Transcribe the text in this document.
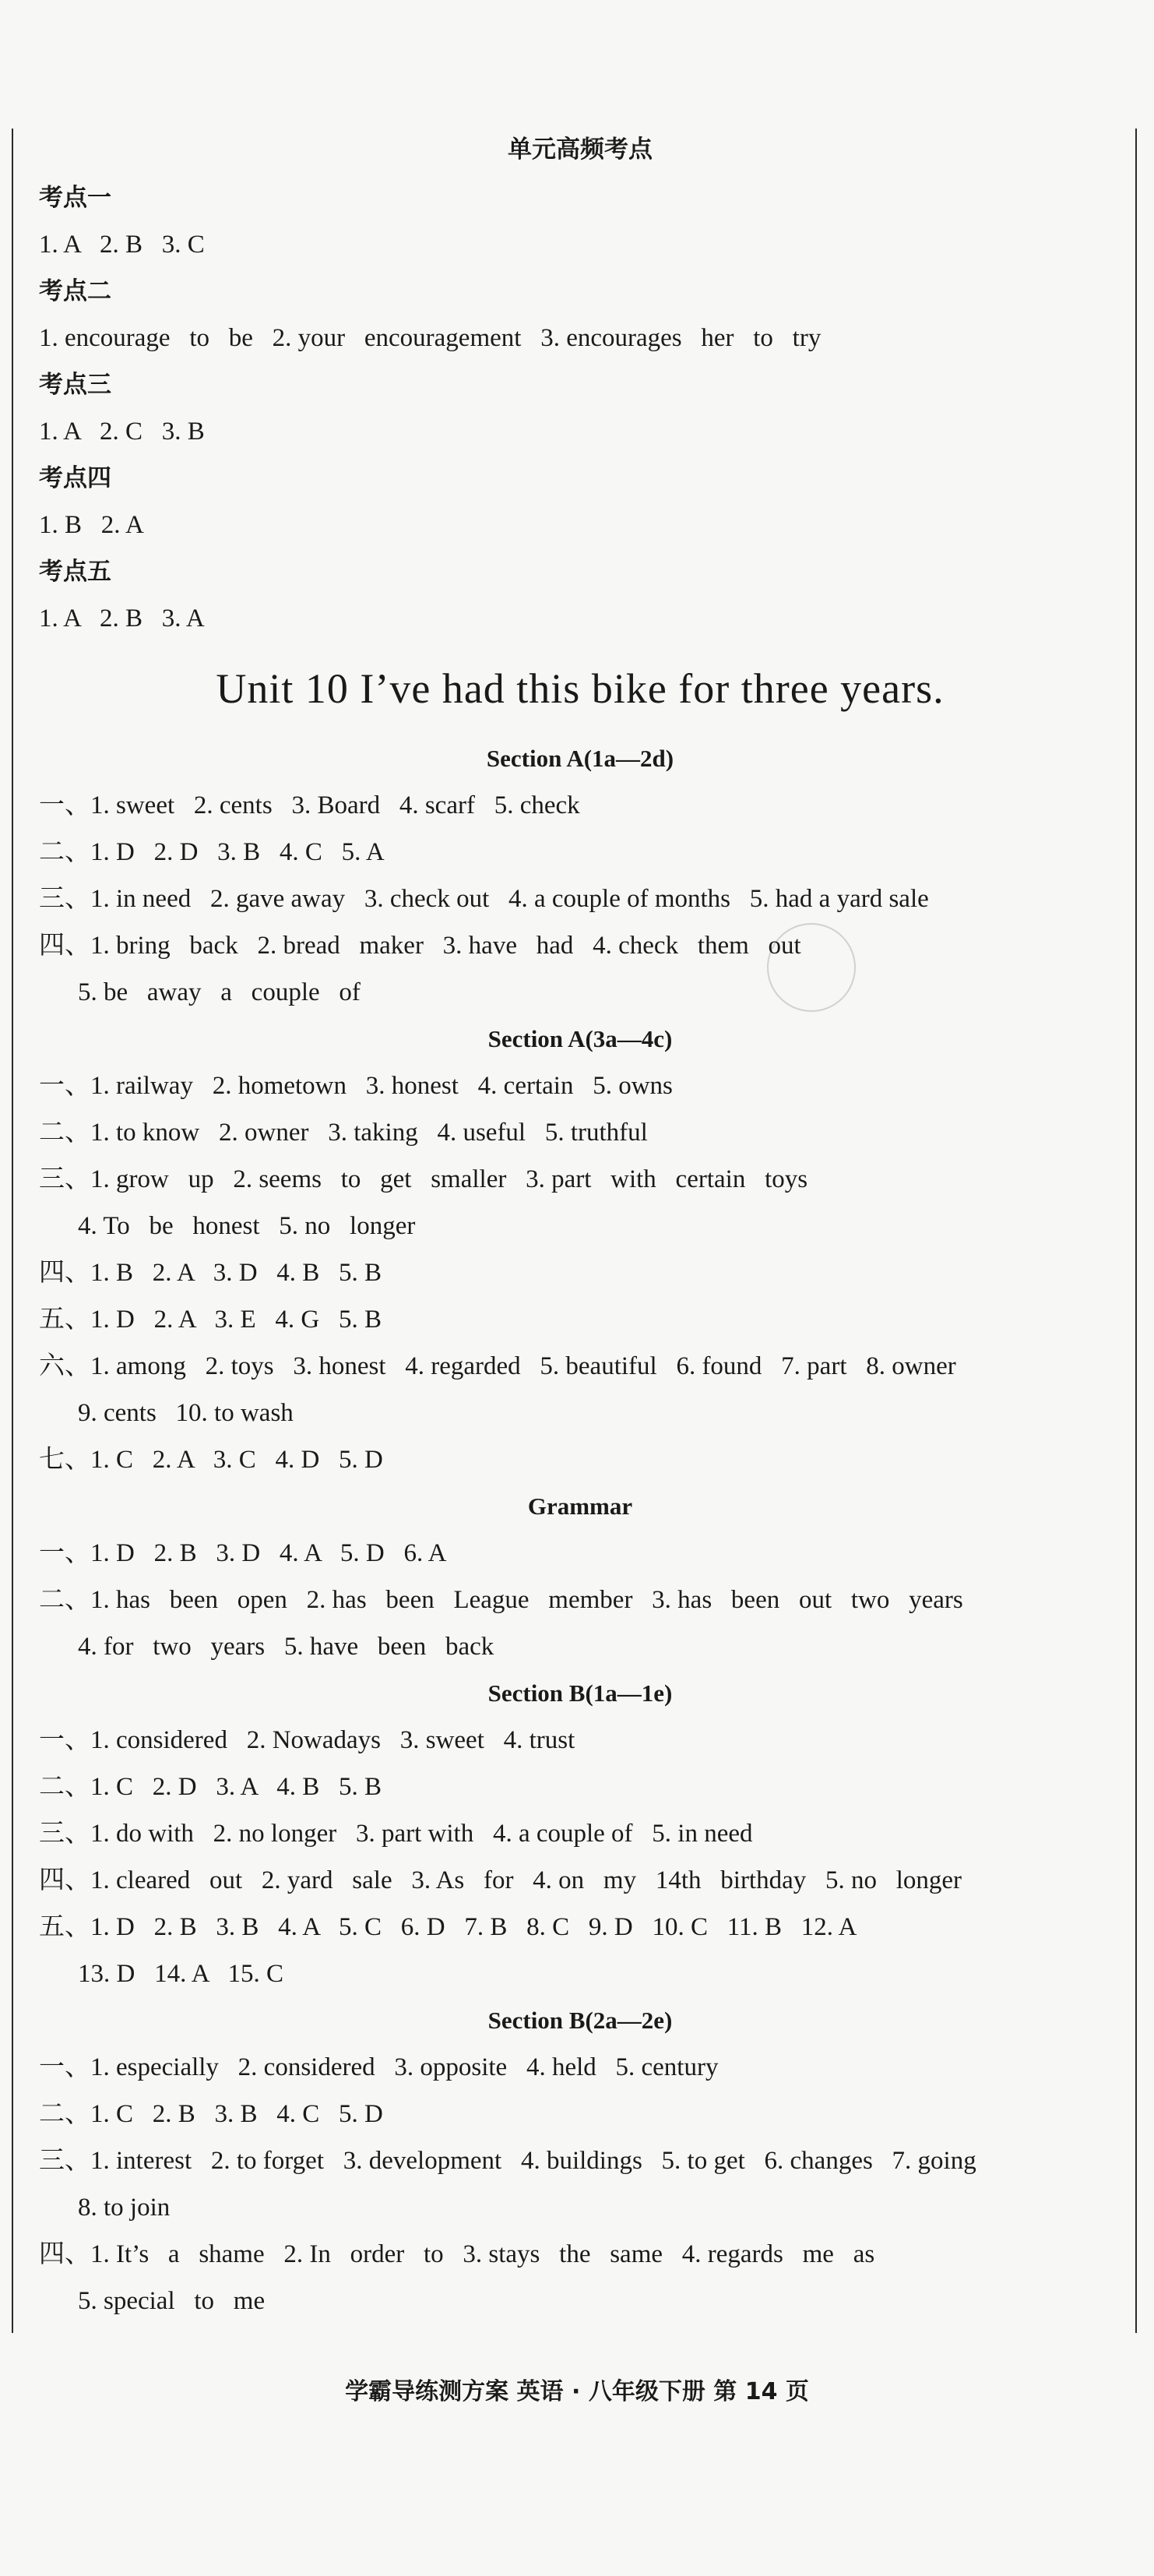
单元高频考点
考点一
1. A   2. B   3. C
考点二
1. encourage   to   be   2. your   encouragement   3. encourages   her   to   try
考点三
1. A   2. C   3. B
考点四
1. B   2. A
考点五
1. A   2. B   3. A
Unit 10 I’ve had this bike for three years.
Section A(1a—2d)
一、1. sweet   2. cents   3. Board   4. scarf   5. check
二、1. D   2. D   3. B   4. C   5. A
三、1. in need   2. gave away   3. check out   4. a couple of months   5. had a yard sale
四、1. bring   back   2. bread   maker   3. have   had   4. check   them   out
5. be   away   a   couple   of
Section A(3a—4c)
一、1. railway   2. hometown   3. honest   4. certain   5. owns
二、1. to know   2. owner   3. taking   4. useful   5. truthful
三、1. grow   up   2. seems   to   get   smaller   3. part   with   certain   toys
4. To   be   honest   5. no   longer
四、1. B   2. A   3. D   4. B   5. B
五、1. D   2. A   3. E   4. G   5. B
六、1. among   2. toys   3. honest   4. regarded   5. beautiful   6. found   7. part   8. owner
9. cents   10. to wash
七、1. C   2. A   3. C   4. D   5. D
Grammar
一、1. D   2. B   3. D   4. A   5. D   6. A
二、1. has   been   open   2. has   been   League   member   3. has   been   out   two   years
4. for   two   years   5. have   been   back
Section B(1a—1e)
一、1. considered   2. Nowadays   3. sweet   4. trust
二、1. C   2. D   3. A   4. B   5. B
三、1. do with   2. no longer   3. part with   4. a couple of   5. in need
四、1. cleared   out   2. yard   sale   3. As   for   4. on   my   14th   birthday   5. no   longer
五、1. D   2. B   3. B   4. A   5. C   6. D   7. B   8. C   9. D   10. C   11. B   12. A
13. D   14. A   15. C
Section B(2a—2e)
一、1. especially   2. considered   3. opposite   4. held   5. century
二、1. C   2. B   3. B   4. C   5. D
三、1. interest   2. to forget   3. development   4. buildings   5. to get   6. changes   7. going
8. to join
四、1. It’s   a   shame   2. In   order   to   3. stays   the   same   4. regards   me   as
5. special   to   me
学霸导练测方案 英语 · 八年级下册 第 14 页
